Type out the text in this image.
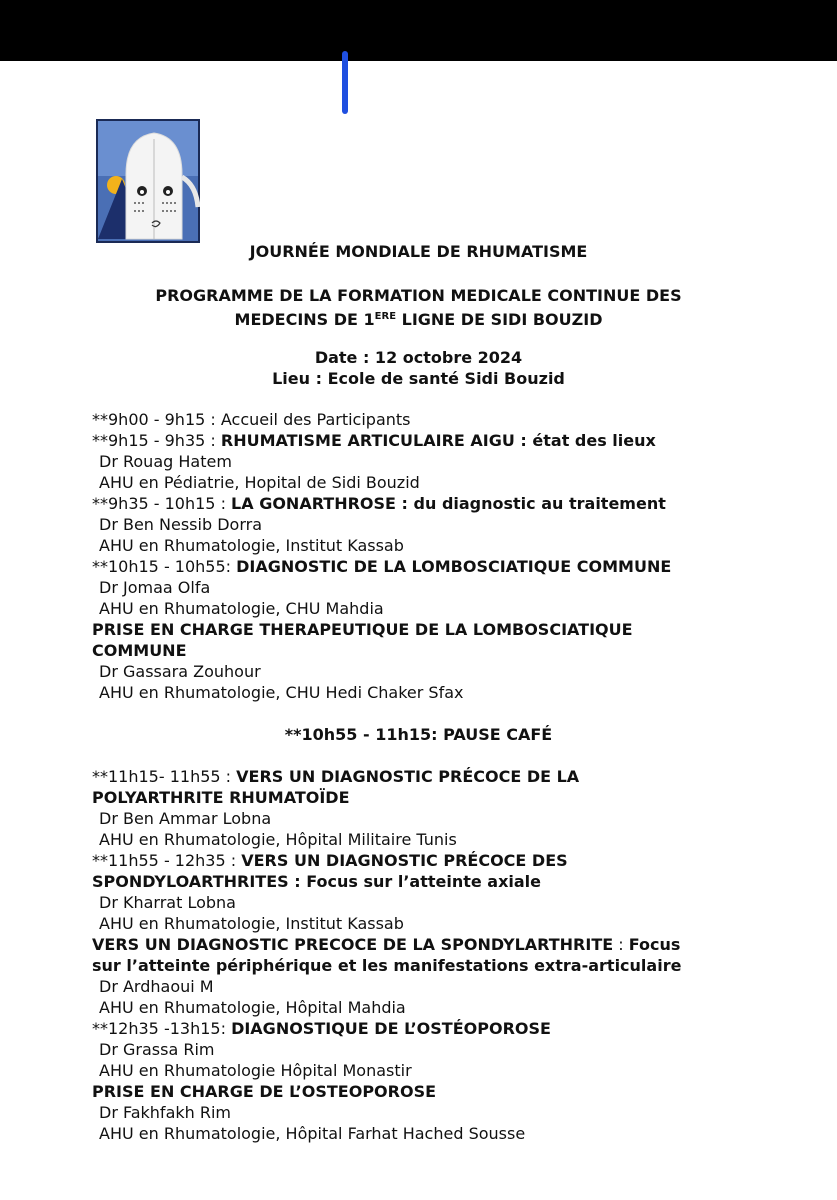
JOURNÉE MONDIALE DE RHUMATISME
PROGRAMME DE LA FORMATION MEDICALE CONTINUE DES
MEDECINS DE 1ERE LIGNE DE SIDI BOUZID
Date : 12 octobre 2024
Lieu : Ecole de santé Sidi Bouzid
**9h00 - 9h15 : Accueil des Participants
**9h15 - 9h35 : RHUMATISME ARTICULAIRE AIGU : état des lieux
Dr Rouag Hatem
AHU en Pédiatrie, Hopital de Sidi Bouzid
**9h35 - 10h15 : LA GONARTHROSE : du diagnostic au traitement
Dr Ben Nessib Dorra
AHU en Rhumatologie, Institut Kassab
**10h15 - 10h55: DIAGNOSTIC DE LA LOMBOSCIATIQUE COMMUNE
Dr Jomaa Olfa
AHU en Rhumatologie, CHU Mahdia
PRISE EN CHARGE THERAPEUTIQUE DE LA LOMBOSCIATIQUE
COMMUNE
Dr Gassara Zouhour
AHU en Rhumatologie, CHU Hedi Chaker Sfax
**10h55 - 11h15: PAUSE CAFÉ
**11h15- 11h55 : VERS UN DIAGNOSTIC PRÉCOCE DE LA
POLYARTHRITE RHUMATOÏDE
Dr Ben Ammar Lobna
AHU en Rhumatologie, Hôpital Militaire Tunis
**11h55 - 12h35 : VERS UN DIAGNOSTIC PRÉCOCE DES
SPONDYLOARTHRITES : Focus sur l’atteinte axiale
Dr Kharrat Lobna
AHU en Rhumatologie, Institut Kassab
VERS UN DIAGNOSTIC PRECOCE DE LA SPONDYLARTHRITE : Focus
sur l’atteinte périphérique et les manifestations extra-articulaire
Dr Ardhaoui M
AHU en Rhumatologie, Hôpital Mahdia
**12h35 -13h15: DIAGNOSTIQUE DE L’OSTÉOPOROSE
Dr Grassa Rim
AHU en Rhumatologie Hôpital Monastir
PRISE EN CHARGE DE L’OSTEOPOROSE
Dr Fakhfakh Rim
AHU en Rhumatologie, Hôpital Farhat Hached Sousse
